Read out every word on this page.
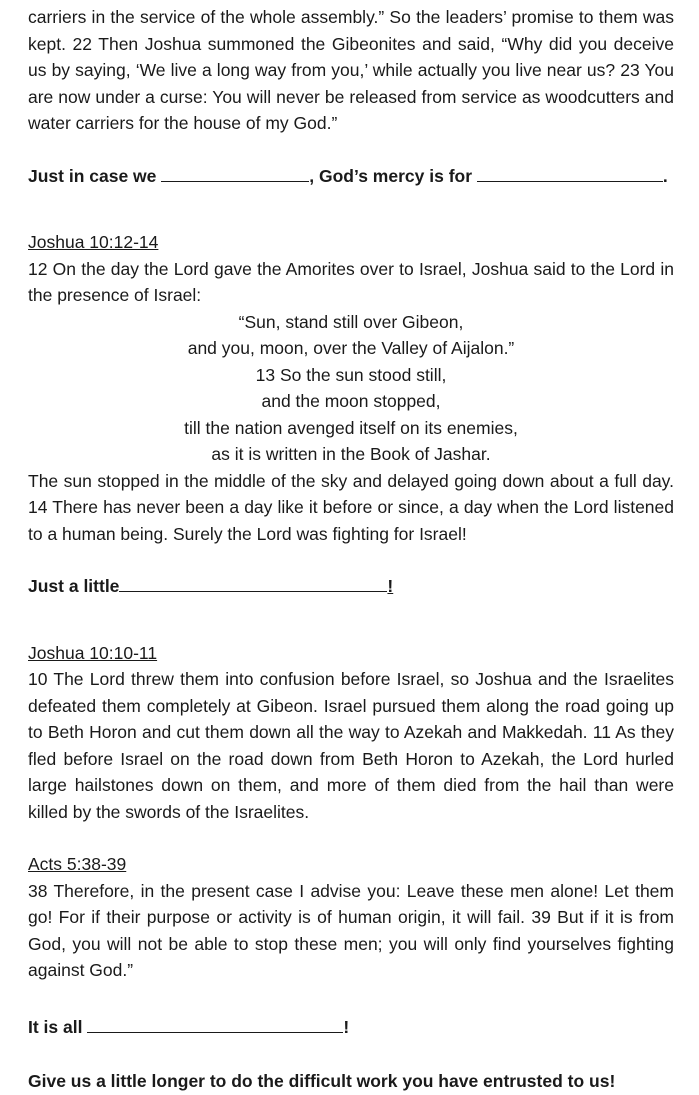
carriers in the service of the whole assembly.” So the leaders’ promise to them was kept. 22 Then Joshua summoned the Gibeonites and said, “Why did you deceive us by saying, ‘We live a long way from you,’ while actually you live near us? 23 You are now under a curse: You will never be released from service as woodcutters and water carriers for the house of my God.”

Just in case we	, God’s mercy is for	.
Joshua 10:12-14

12 On the day the Lord gave the Amorites over to Israel, Joshua said to the Lord in the presence of Israel:

“Sun, stand still over Gibeon,
and you, moon, over the Valley of Aijalon.”
13 So the sun stood still,
and the moon stopped,
till the nation avenged itself on its enemies,
as it is written in the Book of Jashar.

The sun stopped in the middle of the sky and delayed going down about a full day. 14 There has never been a day like it before or since, a day when the Lord listened to a human being. Surely the Lord was fighting for Israel!

Just a little	!
Joshua 10:10-11

10 The Lord threw them into confusion before Israel, so Joshua and the Israelites defeated them completely at Gibeon. Israel pursued them along the road going up to Beth Horon and cut them down all the way to Azekah and Makkedah. 11 As they fled before Israel on the road down from Beth Horon to Azekah, the Lord hurled large hailstones down on them, and more of them died from the hail than were killed by the swords of the Israelites.

Acts 5:38-39

38 Therefore, in the present case I advise you: Leave these men alone! Let them go! For if their purpose or activity is of human origin, it will fail. 39 But if it is from God, you will not be able to stop these men; you will only find yourselves fighting against God.”

It is all	!
Give us a little longer to do the difficult work you have entrusted to us!
